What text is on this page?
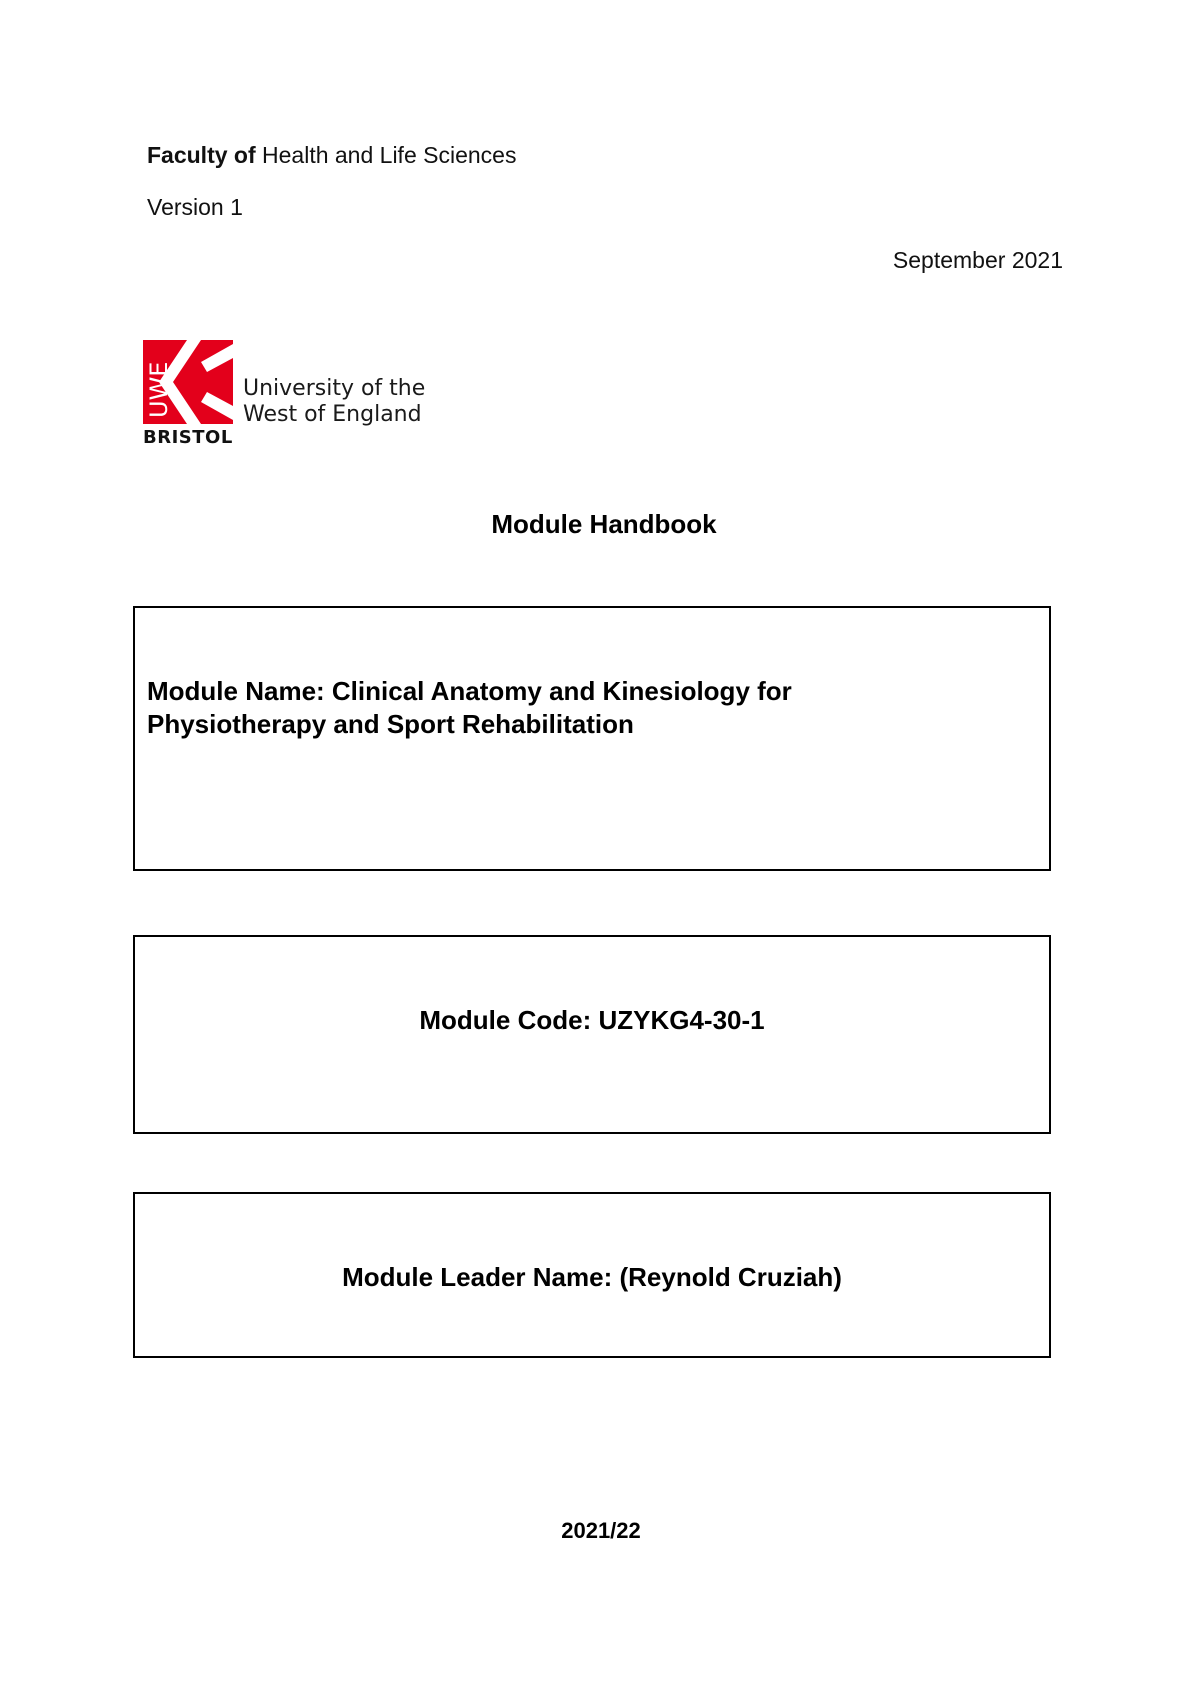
Faculty of Health and Life Sciences
Version 1
September 2021
UWE	University of the
West of England
BRISTOL
Module Handbook
Module Name: Clinical Anatomy and Kinesiology for
Physiotherapy and Sport Rehabilitation
Module Code: UZYKG4-30-1
Module Leader Name: (Reynold Cruziah)
2021/22
